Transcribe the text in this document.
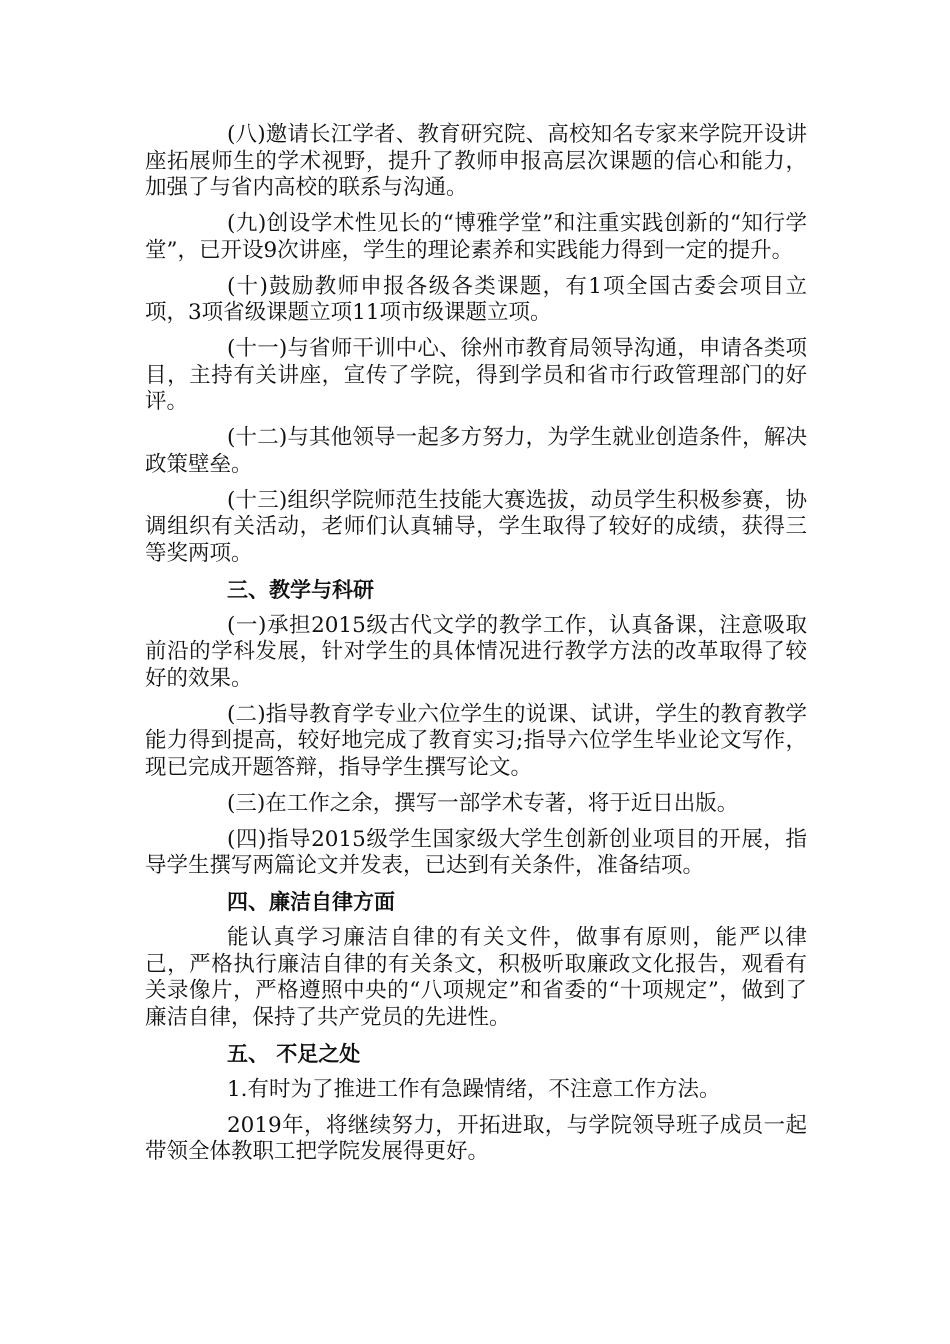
(八)邀请长江学者、教育研究院、高校知名专家来学院开设讲座拓展师生的学术视野，提升了教师申报高层次课题的信心和能力，加强了与省内高校的联系与沟通。

(九)创设学术性见长的“博雅学堂”和注重实践创新的“知行学堂”，已开设9次讲座，学生的理论素养和实践能力得到一定的提升。

(十)鼓励教师申报各级各类课题，有1项全国古委会项目立项，3项省级课题立项11项市级课题立项。

(十一)与省师干训中心、徐州市教育局领导沟通，申请各类项目，主持有关讲座，宣传了学院，得到学员和省市行政管理部门的好评。

(十二)与其他领导一起多方努力，为学生就业创造条件，解决政策壁垒。

(十三)组织学院师范生技能大赛选拔，动员学生积极参赛，协调组织有关活动，老师们认真辅导，学生取得了较好的成绩，获得三等奖两项。

三、教学与科研

(一)承担2015级古代文学的教学工作，认真备课，注意吸取前沿的学科发展，针对学生的具体情况进行教学方法的改革取得了较好的效果。

(二)指导教育学专业六位学生的说课、试讲，学生的教育教学能力得到提高，较好地完成了教育实习;指导六位学生毕业论文写作，现已完成开题答辩，指导学生撰写论文。

(三)在工作之余，撰写一部学术专著，将于近日出版。

(四)指导2015级学生国家级大学生创新创业项目的开展，指导学生撰写两篇论文并发表，已达到有关条件，准备结项。

四、廉洁自律方面

能认真学习廉洁自律的有关文件，做事有原则，能严以律己，严格执行廉洁自律的有关条文，积极听取廉政文化报告，观看有关录像片，严格遵照中央的“八项规定”和省委的“十项规定”，做到了廉洁自律，保持了共产党员的先进性。

五、 不足之处

1.有时为了推进工作有急躁情绪，不注意工作方法。

2019年，将继续努力，开拓进取，与学院领导班子成员一起带领全体教职工把学院发展得更好。
